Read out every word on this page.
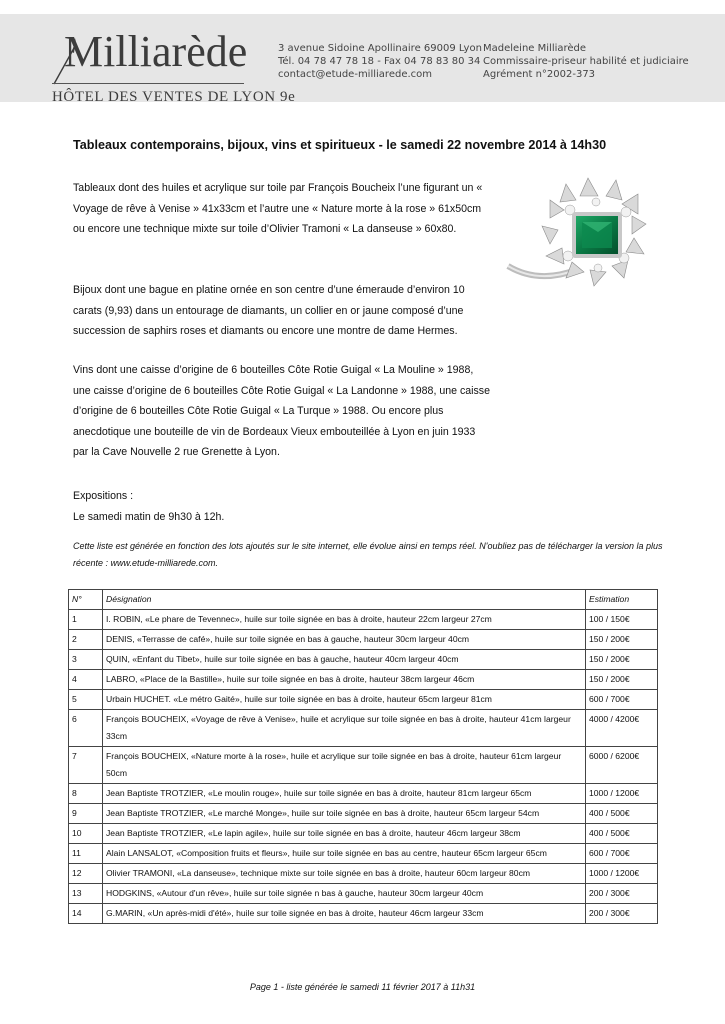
Milliarède
HÔTEL DES VENTES DE LYON 9e
3 avenue Sidoine Apollinaire 69009 Lyon
Tél. 04 78 47 78 18 - Fax 04 78 83 80 34
contact@etude-milliarede.com
Madeleine Milliarède
Commissaire-priseur habilité et judiciaire
Agrément n°2002-373
Tableaux contemporains, bijoux, vins et spiritueux - le samedi 22 novembre 2014 à 14h30

Tableaux dont des huiles et acrylique sur toile par François Boucheix l’une figurant un « Voyage de rêve à Venise » 41x33cm et l’autre une « Nature morte à la rose » 61x50cm ou encore une technique mixte sur toile d’Olivier Tramoni « La danseuse » 60x80.

Bijoux dont une bague en platine ornée en son centre d’une émeraude d’environ 10 carats (9,93) dans un entourage de diamants, un collier en or jaune composé d’une succession de saphirs roses et diamants ou encore une montre de dame Hermes.

Vins dont une caisse d’origine de 6 bouteilles Côte Rotie Guigal « La Mouline » 1988, une caisse d’origine de 6 bouteilles Côte Rotie Guigal « La Landonne » 1988, une caisse d’origine de 6 bouteilles Côte Rotie Guigal « La Turque » 1988. Ou encore plus anecdotique une bouteille de vin de Bordeaux Vieux embouteillée à Lyon en juin 1933 par la Cave Nouvelle 2 rue Grenette à Lyon.

Expositions :
Le samedi matin de 9h30 à 12h.
Cette liste est générée en fonction des lots ajoutés sur le site internet, elle évolue ainsi en temps réel. N'oubliez pas de télécharger la version la plus récente : www.etude-milliarede.com.
N°	Désignation	Estimation
1	I. ROBIN, «Le phare de Tevennec», huile sur toile signée en bas à droite, hauteur 22cm largeur 27cm	100 / 150€
2	DENIS, «Terrasse de café», huile sur toile signée en bas à gauche, hauteur 30cm largeur 40cm	150 / 200€
3	QUIN, «Enfant du Tibet», huile sur toile signée en bas à gauche, hauteur 40cm largeur 40cm	150 / 200€
4	LABRO, «Place de la Bastille», huile sur toile signée en bas à droite, hauteur 38cm largeur 46cm	150 / 200€
5	Urbain HUCHET. «Le métro Gaité», huile sur toile signée en bas à droite, hauteur 65cm largeur 81cm	600 / 700€
6	François BOUCHEIX, «Voyage de rêve à Venise», huile et acrylique sur toile signée en bas à droite, hauteur 41cm largeur 33cm	4000 / 4200€
7	François BOUCHEIX, «Nature morte à la rose», huile et acrylique sur toile signée en bas à droite, hauteur 61cm largeur 50cm	6000 / 6200€
8	Jean Baptiste TROTZIER, «Le moulin rouge», huile sur toile signée en bas à droite, hauteur 81cm largeur 65cm	1000 / 1200€
9	Jean Baptiste TROTZIER, «Le marché Monge», huile sur toile signée en bas à droite, hauteur 65cm largeur 54cm	400 / 500€
10	Jean Baptiste TROTZIER, «Le lapin agile», huile sur toile signée en bas à droite, hauteur 46cm largeur 38cm	400 / 500€
11	Alain LANSALOT, «Composition fruits et fleurs», huile sur toile signée en bas au centre, hauteur 65cm largeur 65cm	600 / 700€
12	Olivier TRAMONI, «La danseuse», technique mixte sur toile signée en bas à droite, hauteur 60cm largeur 80cm	1000 / 1200€
13	HODGKINS, «Autour d'un rêve», huile sur toile signée n bas à gauche, hauteur 30cm largeur 40cm	200 / 300€
14	G.MARIN, «Un après-midi d'été», huile sur toile signée en bas à droite, hauteur 46cm largeur 33cm	200 / 300€
Page 1 - liste générée le samedi 11 février 2017 à 11h31
